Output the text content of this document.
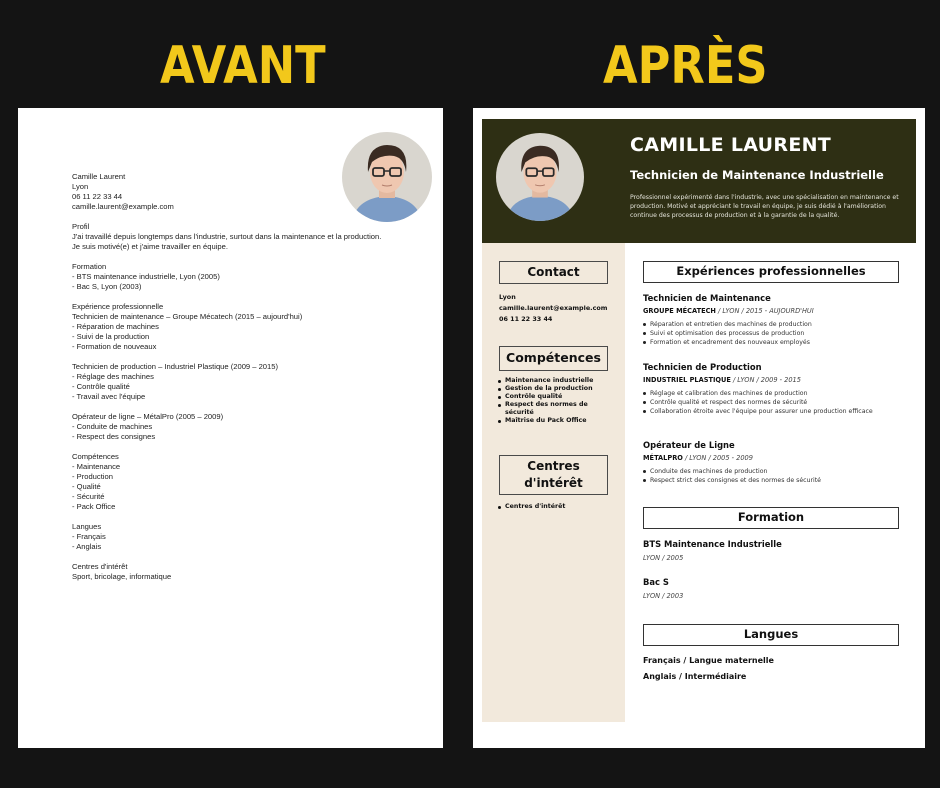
AVANT	APRÈS
Camille Laurent
Lyon
06 11 22 33 44
camille.laurent@example.com
Profil
J'ai travaillé depuis longtemps dans l'industrie, surtout dans la maintenance et la production.
Je suis motivé(e) et j'aime travailler en équipe.
Formation
- BTS maintenance industrielle, Lyon (2005)
- Bac S, Lyon (2003)
Expérience professionnelle
Technicien de maintenance – Groupe Mécatech (2015 – aujourd'hui)
- Réparation de machines
- Suivi de la production
- Formation de nouveaux
Technicien de production – Industriel Plastique (2009 – 2015)
- Réglage des machines
- Contrôle qualité
- Travail avec l'équipe
Opérateur de ligne – MétalPro (2005 – 2009)
- Conduite de machines
- Respect des consignes
Compétences
- Maintenance
- Production
- Qualité
- Sécurité
- Pack Office
Langues
- Français
- Anglais
Centres d'intérêt
Sport, bricolage, informatique
CAMILLE LAURENT
Technicien de Maintenance Industrielle
Professionnel expérimenté dans l'industrie, avec une spécialisation en maintenance et production. Motivé et appréciant le travail en équipe, je suis dédié à l'amélioration continue des processus de production et à la garantie de la qualité.
Contact
Lyon
camille.laurent@example.com
06 11 22 33 44
Compétences
Maintenance industrielle
Gestion de la production
Contrôle qualité
Respect des normes de sécurité
Maîtrise du Pack Office
Centres
d'intérêt
Centres d'intérêt
Expériences professionnelles
Technicien de Maintenance
GROUPE MÉCATECH / LYON / 2015 - AUJOURD'HUI
Réparation et entretien des machines de production
Suivi et optimisation des processus de production
Formation et encadrement des nouveaux employés
Technicien de Production
INDUSTRIEL PLASTIQUE / LYON / 2009 - 2015
Réglage et calibration des machines de production
Contrôle qualité et respect des normes de sécurité
Collaboration étroite avec l'équipe pour assurer une production efficace
Opérateur de Ligne
MÉTALPRO / LYON / 2005 - 2009
Conduite des machines de production
Respect strict des consignes et des normes de sécurité
Formation
BTS Maintenance Industrielle
LYON / 2005
Bac S
LYON / 2003
Langues
Français / Langue maternelle
Anglais / Intermédiaire
